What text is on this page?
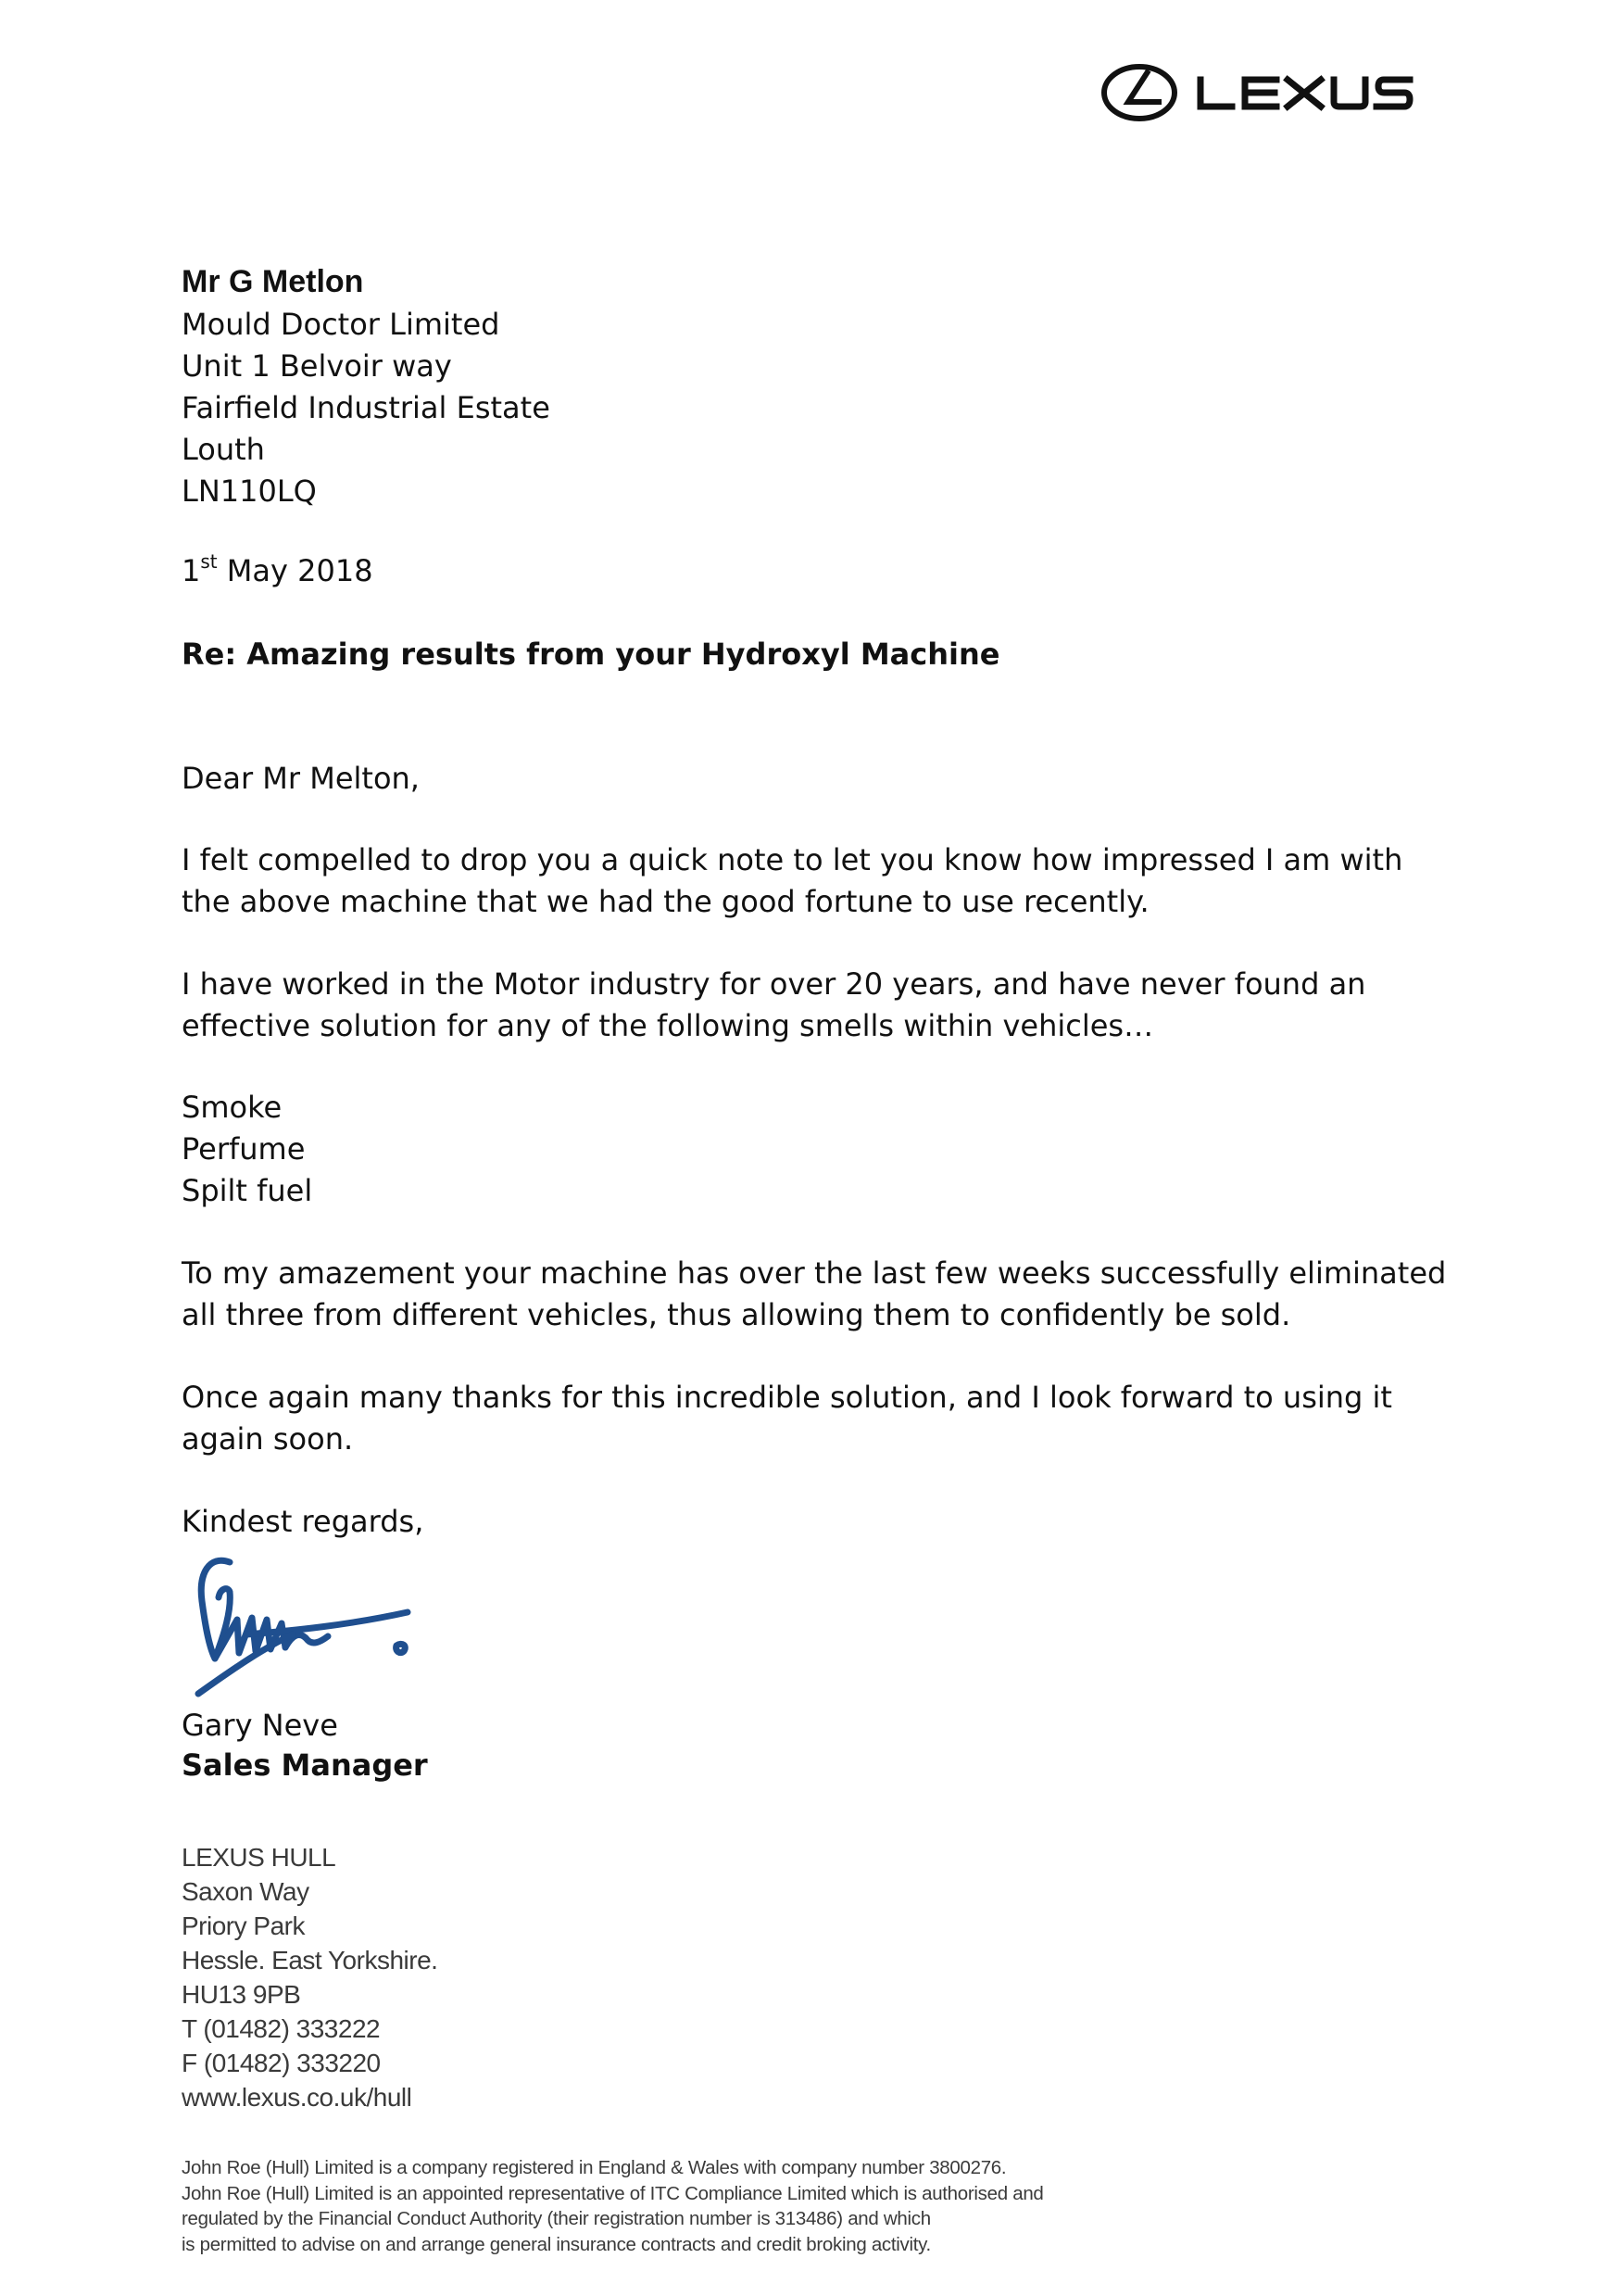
Mr G Metlon

Mould Doctor Limited
Unit 1 Belvoir way
Fairfield Industrial Estate
Louth
LN110LQ

1st May 2018

Re: Amazing results from your Hydroxyl Machine

Dear Mr Melton,

I felt compelled to drop you a quick note to let you know how impressed I am with the above machine that we had the good fortune to use recently.

I have worked in the Motor industry for over 20 years, and have never found an effective solution for any of the following smells within vehicles…

Smoke
Perfume
Spilt fuel

To my amazement your machine has over the last few weeks successfully eliminated all three from different vehicles, thus allowing them to confidently be sold.

Once again many thanks for this incredible solution, and I look forward to using it again soon.

Kindest regards,

Gary Neve

Sales Manager

LEXUS HULL
Saxon Way
Priory Park
Hessle. East Yorkshire.
HU13 9PB
T (01482) 333222
F (01482) 333220
www.lexus.co.uk/hull
John Roe (Hull) Limited is a company registered in England & Wales with company number 3800276.
John Roe (Hull) Limited is an appointed representative of ITC Compliance Limited which is authorised and
regulated by the Financial Conduct Authority (their registration number is 313486) and which
is permitted to advise on and arrange general insurance contracts and credit broking activity.
